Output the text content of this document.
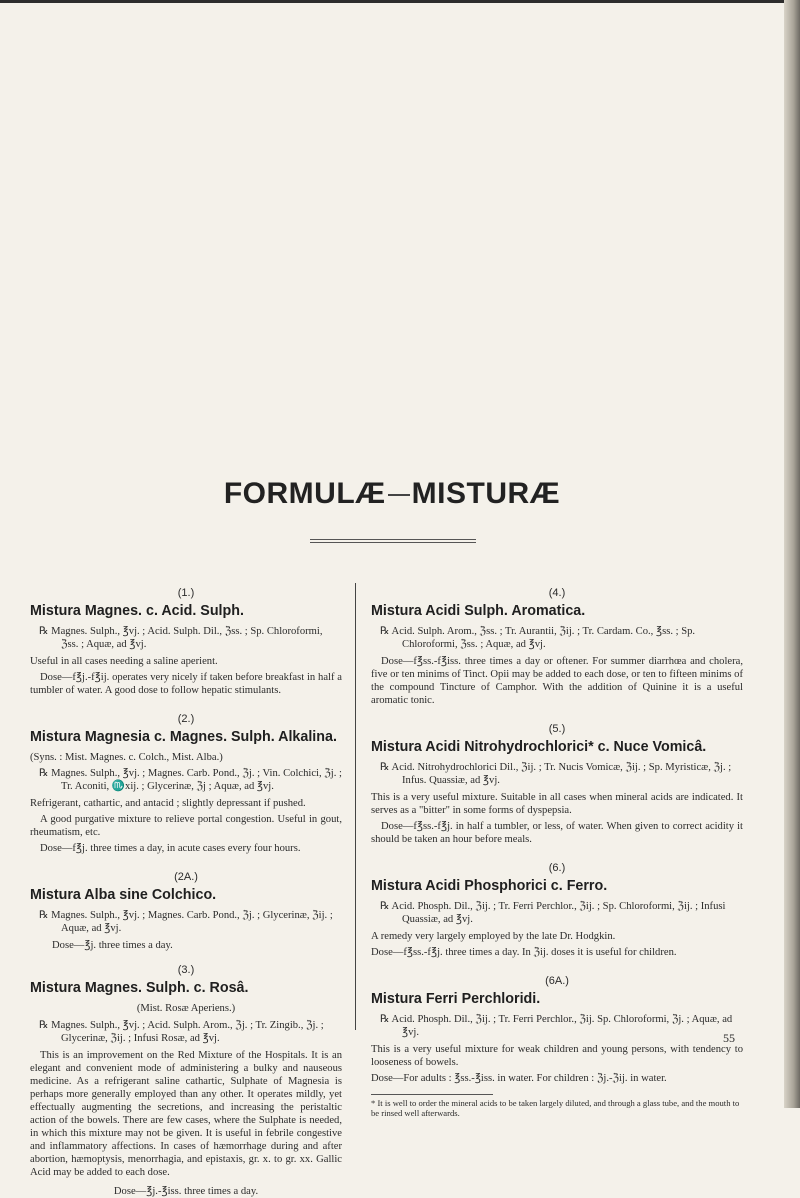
FORMULÆ MISTURÆ
(1.)
Mistura Magnes. c. Acid. Sulph.
℞ Magnes. Sulph., ℥vj. ; Acid. Sulph. Dil., ℨss. ; Sp. Chloroformi, ℨss. ; Aquæ, ad ℥vj.
Useful in all cases needing a saline aperient.
Dose—f℥j.-f℥ij. operates very nicely if taken before breakfast in half a tumbler of water. A good dose to follow hepatic stimulants.
(2.)
Mistura Magnesia c. Magnes. Sulph. Alkalina.
(Syns. : Mist. Magnes. c. Colch., Mist. Alba.)
℞ Magnes. Sulph., ℥vj. ; Magnes. Carb. Pond., ℨj. ; Vin. Colchici, ℨj. ; Tr. Aconiti, ♏xij. ; Glycerinæ, ℨj ; Aquæ, ad ℥vj.
Refrigerant, cathartic, and antacid ; slightly depressant if pushed.
A good purgative mixture to relieve portal congestion. Useful in gout, rheumatism, etc.
Dose—f℥j. three times a day, in acute cases every four hours.
(2A.)
Mistura Alba sine Colchico.
℞ Magnes. Sulph., ℥vj. ; Magnes. Carb. Pond., ℨj. ; Glycerinæ, ℨij. ; Aquæ, ad ℥vj.
Dose—℥j. three times a day.
(3.)
Mistura Magnes. Sulph. c. Rosâ.
(Mist. Rosæ Aperiens.)
℞ Magnes. Sulph., ℥vj. ; Acid. Sulph. Arom., ℨj. ; Tr. Zingib., ℨj. ; Glycerinæ, ℨij. ; Infusi Rosæ, ad ℥vj.
This is an improvement on the Red Mixture of the Hospitals. It is an elegant and convenient mode of administering a bulky and nauseous medicine. As a refrigerant saline cathartic, Sulphate of Magnesia is perhaps more generally employed than any other. It operates mildly, yet effectually augmenting the secretions, and increasing the peristaltic action of the bowels. There are few cases, where the Sulphate is needed, in which this mixture may not be given. It is useful in febrile congestive and inflammatory affections. In cases of hæmorrhage during and after abortion, hæmoptysis, menorrhagia, and epistaxis, gr. x. to gr. xx. Gallic Acid may be added to each dose.
Dose—℥j.-℥iss. three times a day.
(4.)
Mistura Acidi Sulph. Aromatica.
℞ Acid. Sulph. Arom., ℨss. ; Tr. Aurantii, ℨij. ; Tr. Cardam. Co., ℥ss. ; Sp. Chloroformi, ℨss. ; Aquæ, ad ℥vj.
Dose—f℥ss.-f℥iss. three times a day or oftener. For summer diarrhœa and cholera, five or ten minims of Tinct. Opii may be added to each dose, or ten to fifteen minims of the compound Tincture of Camphor. With the addition of Quinine it is a useful aromatic tonic.
(5.)
Mistura Acidi Nitrohydrochlorici* c. Nuce Vomicâ.
℞ Acid. Nitrohydrochlorici Dil., ℨij. ; Tr. Nucis Vomicæ, ℨij. ; Sp. Myristicæ, ℨj. ; Infus. Quassiæ, ad ℥vj.
This is a very useful mixture. Suitable in all cases when mineral acids are indicated. It serves as a "bitter" in some forms of dyspepsia.
Dose—f℥ss.-f℥j. in half a tumbler, or less, of water. When given to correct acidity it should be taken an hour before meals.
(6.)
Mistura Acidi Phosphorici c. Ferro.
℞ Acid. Phosph. Dil., ℨij. ; Tr. Ferri Perchlor., ℨij. ; Sp. Chloroformi, ℨij. ; Infusi Quassiæ, ad ℥vj.
A remedy very largely employed by the late Dr. Hodgkin.
Dose—f℥ss.-f℥j. three times a day. In ℨij. doses it is useful for children.
(6A.)
Mistura Ferri Perchloridi.
℞ Acid. Phosph. Dil., ℨij. ; Tr. Ferri Perchlor., ℨij. Sp. Chloroformi, ℨj. ; Aquæ, ad ℥vj.
This is a very useful mixture for weak children and young persons, with tendency to looseness of bowels.
Dose—For adults : ℥ss.-℥iss. in water. For children : ℨj.-ℨij. in water.
* It is well to order the mineral acids to be taken largely diluted, and through a glass tube, and the mouth to be rinsed well afterwards.
55
